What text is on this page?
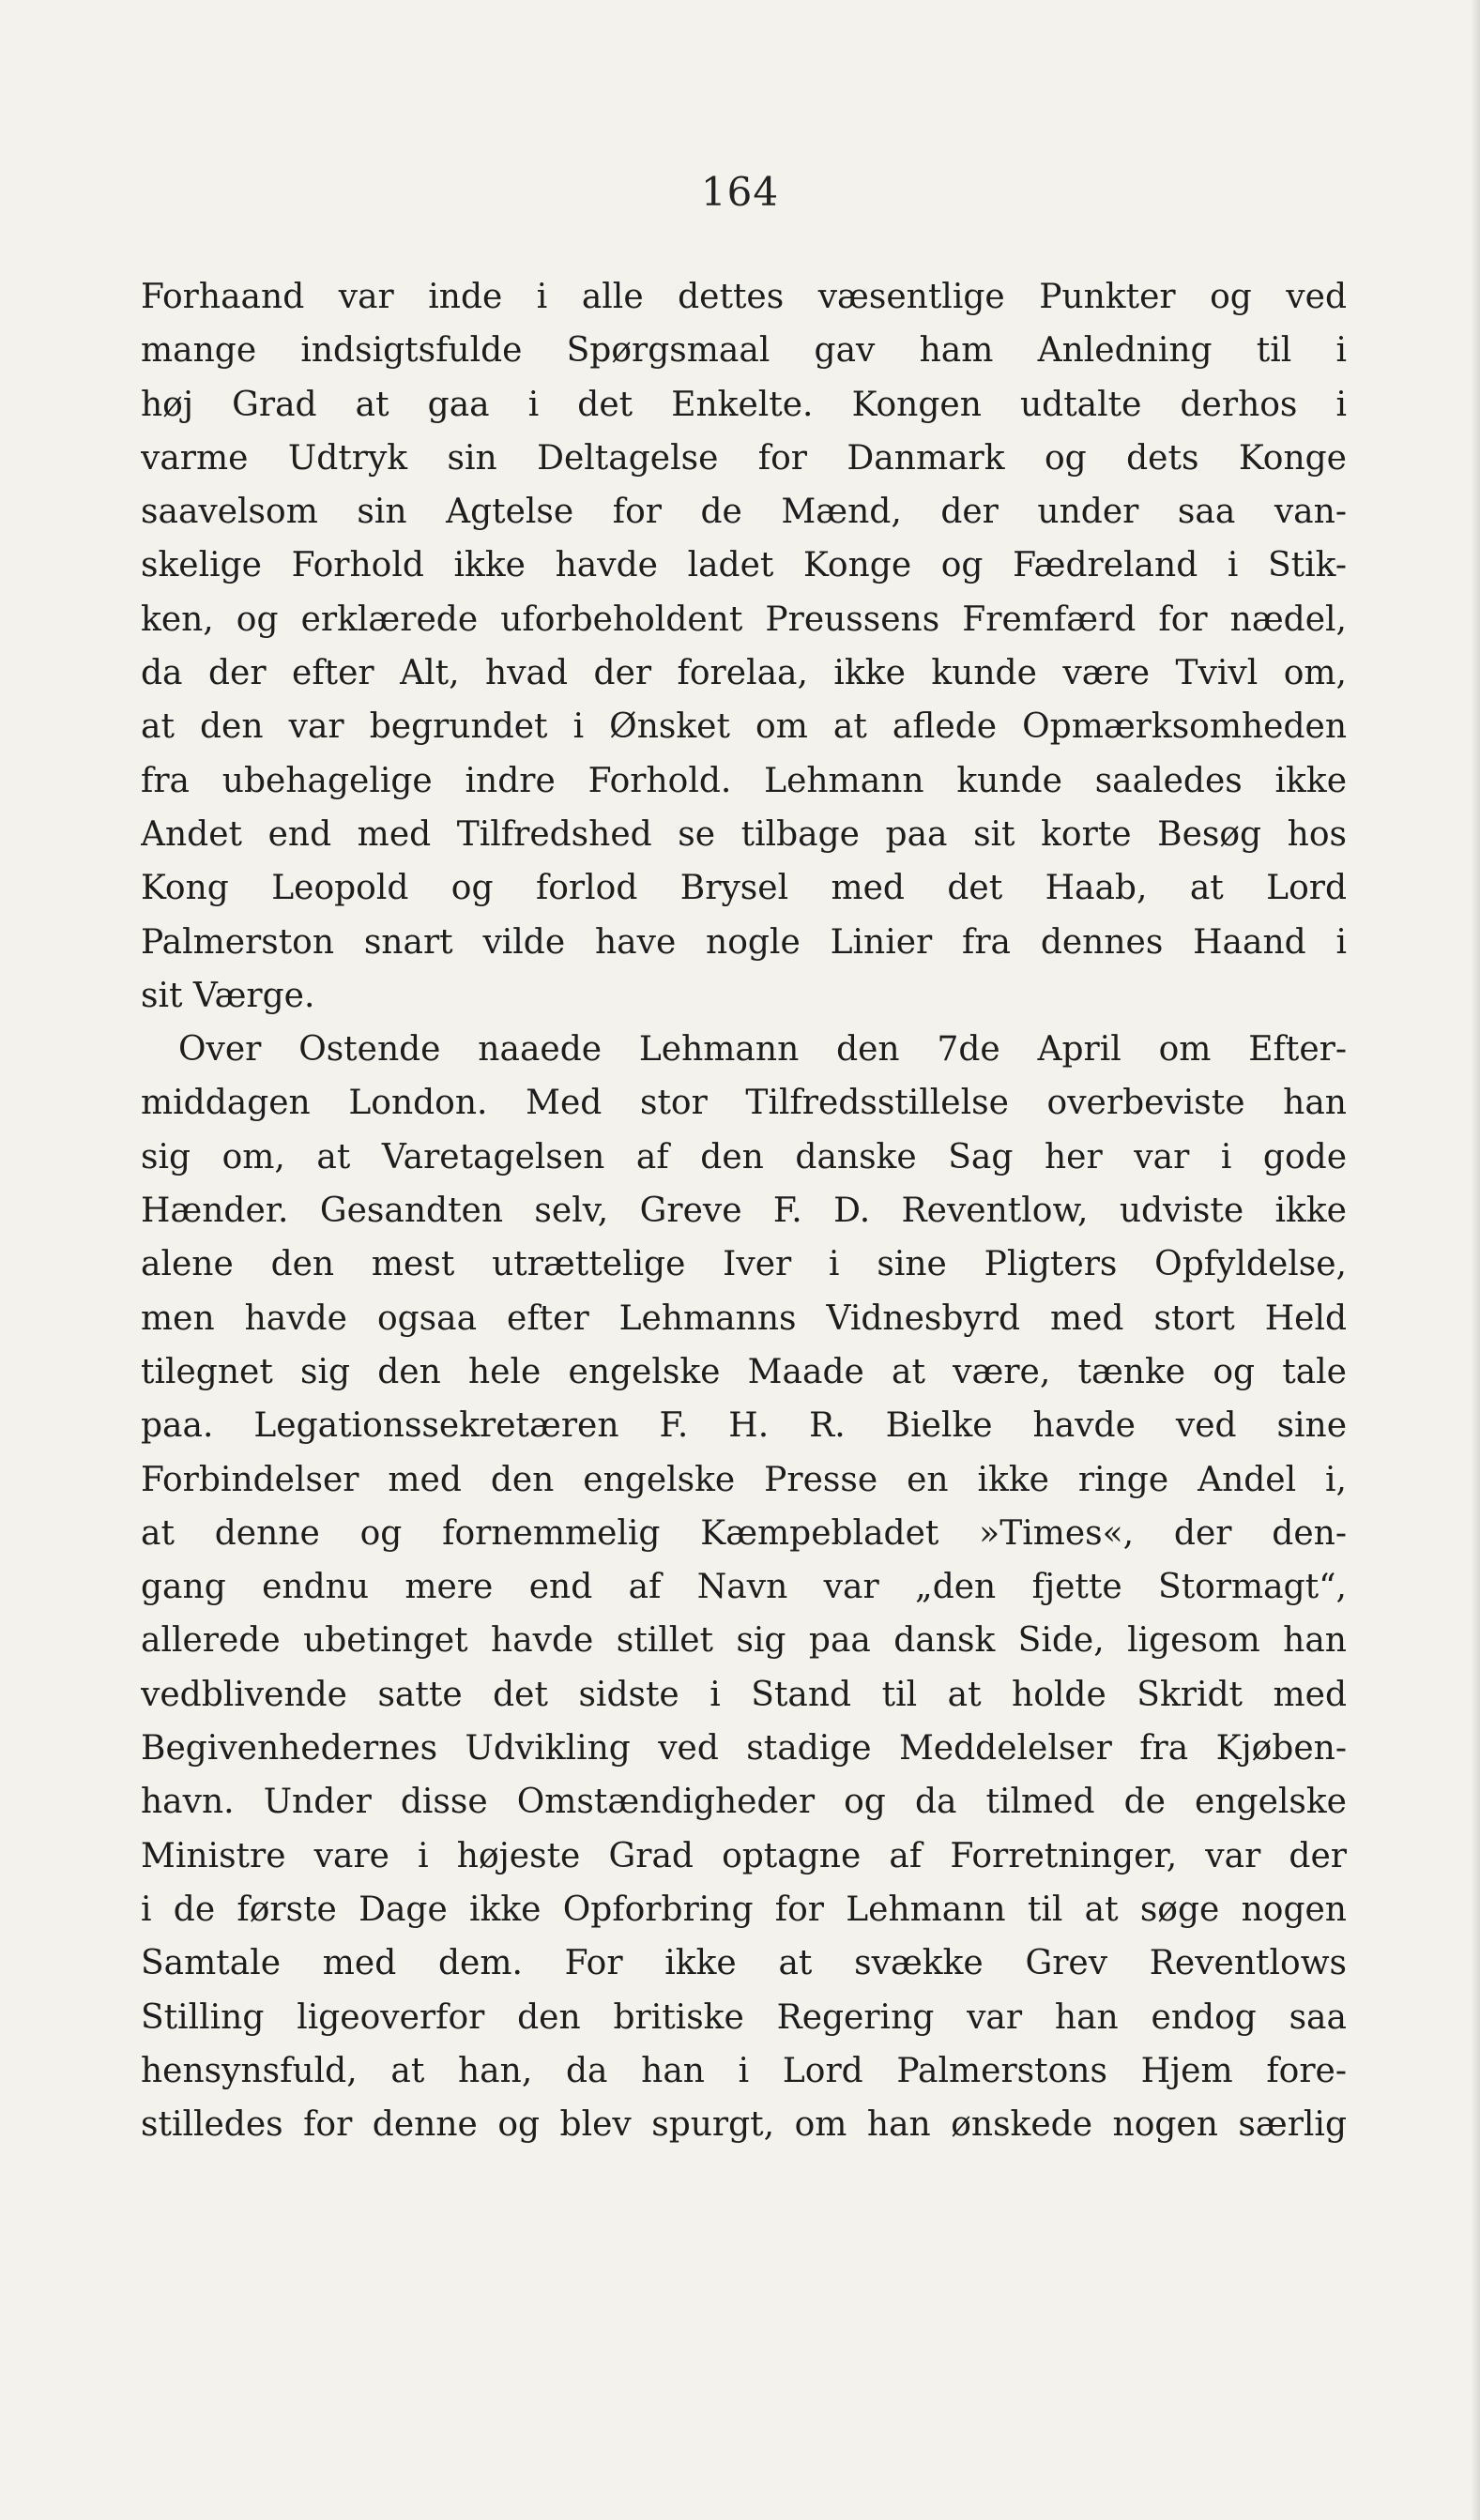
164
Forhaand var inde i alle dettes væsentlige Punkter og ved
mange indsigtsfulde Spørgsmaal gav ham Anledning til i
høj Grad at gaa i det Enkelte. Kongen udtalte derhos i
varme Udtryk sin Deltagelse for Danmark og dets Konge
saavelsom sin Agtelse for de Mænd, der under saa van-
skelige Forhold ikke havde ladet Konge og Fædreland i Stik-
ken, og erklærede uforbeholdent Preussens Fremfærd for nædel,
da der efter Alt, hvad der forelaa, ikke kunde være Tvivl om,
at den var begrundet i Ønsket om at aflede Opmærksomheden
fra ubehagelige indre Forhold. Lehmann kunde saaledes ikke
Andet end med Tilfredshed se tilbage paa sit korte Besøg hos
Kong Leopold og forlod Brysel med det Haab, at Lord
Palmerston snart vilde have nogle Linier fra dennes Haand i
sit Værge.
Over Ostende naaede Lehmann den 7de April om Efter-
middagen London. Med stor Tilfredsstillelse overbeviste han
sig om, at Varetagelsen af den danske Sag her var i gode
Hænder. Gesandten selv, Greve F. D. Reventlow, udviste ikke
alene den mest utrættelige Iver i sine Pligters Opfyldelse,
men havde ogsaa efter Lehmanns Vidnesbyrd med stort Held
tilegnet sig den hele engelske Maade at være, tænke og tale
paa. Legationssekretæren F. H. R. Bielke havde ved sine
Forbindelser med den engelske Presse en ikke ringe Andel i,
at denne og fornemmelig Kæmpebladet »Times«, der den-
gang endnu mere end af Navn var „den fjette Stormagt“,
allerede ubetinget havde stillet sig paa dansk Side, ligesom han
vedblivende satte det sidste i Stand til at holde Skridt med
Begivenhedernes Udvikling ved stadige Meddelelser fra Kjøben-
havn. Under disse Omstændigheder og da tilmed de engelske
Ministre vare i højeste Grad optagne af Forretninger, var der
i de første Dage ikke Opforbring for Lehmann til at søge nogen
Samtale med dem. For ikke at svække Grev Reventlows
Stilling ligeoverfor den britiske Regering var han endog saa
hensynsfuld, at han, da han i Lord Palmerstons Hjem fore-
stilledes for denne og blev spurgt, om han ønskede nogen særlig
